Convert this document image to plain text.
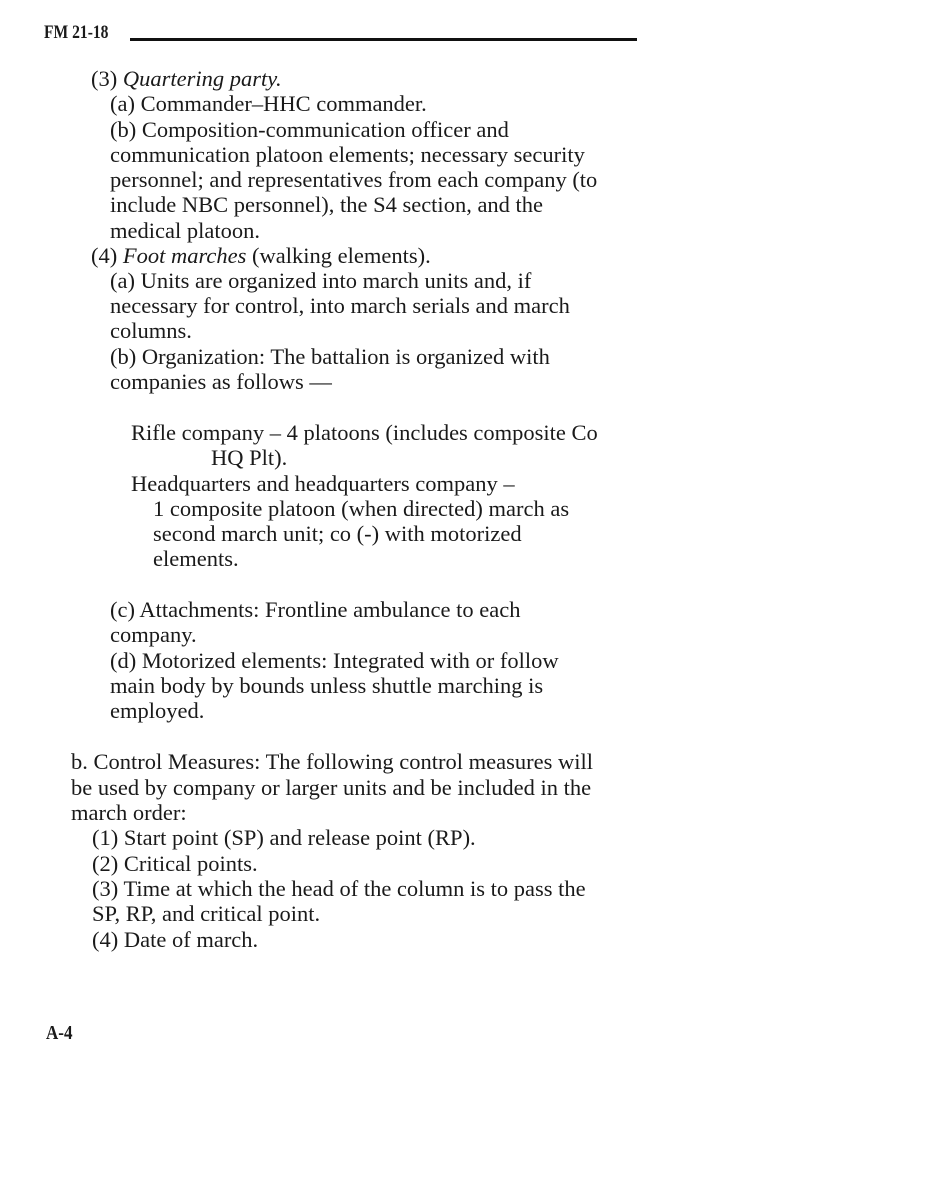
FM 21-18
(3) Quartering party.
(a) Commander–HHC commander.
(b) Composition-communication officer and
communication platoon elements; necessary security
personnel; and representatives from each company (to
include NBC personnel), the S4 section, and the
medical platoon.
(4) Foot marches (walking elements).
(a) Units are organized into march units and, if
necessary for control, into march serials and march
columns.
(b) Organization: The battalion is organized with
companies as follows —
Rifle company – 4 platoons (includes composite Co
HQ Plt).
Headquarters and headquarters company –
1 composite platoon (when directed) march as
second march unit; co (-) with motorized
elements.
(c) Attachments: Frontline ambulance to each
company.
(d) Motorized elements: Integrated with or follow
main body by bounds unless shuttle marching is
employed.
b. Control Measures: The following control measures will
be used by company or larger units and be included in the
march order:
(1) Start point (SP) and release point (RP).
(2) Critical points.
(3) Time at which the head of the column is to pass the
SP, RP, and critical point.
(4) Date of march.
A-4
